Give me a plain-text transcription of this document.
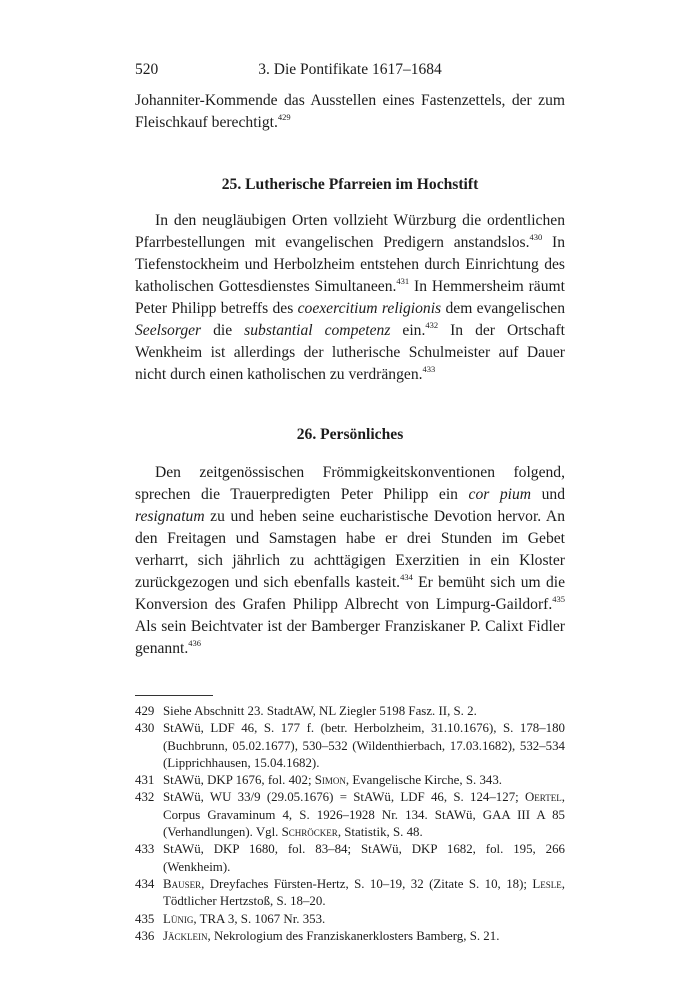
520	3. Die Pontifikate 1617–1684

Johanniter-Kommende das Ausstellen eines Fastenzettels, der zum Fleischkauf berechtigt.$^{429}$

25. Lutherische Pfarreien im Hochstift

In den neugläubigen Orten vollzieht Würzburg die ordentlichen Pfarrbestellungen mit evangelischen Predigern anstandslos.$^{430}$ In Tiefenstockheim und Herbolzheim entstehen durch Einrichtung des katholischen Gottesdienstes Simultaneen.$^{431}$ In Hemmersheim räumt Peter Philipp betreffs des coexercitium religionis dem evangelischen Seelsorger die substantial competenz ein.$^{432}$ In der Ortschaft Wenkheim ist allerdings der lutherische Schulmeister auf Dauer nicht durch einen katholischen zu verdrängen.$^{433}$

26. Persönliches

Den zeitgenössischen Frömmigkeitskonventionen folgend, sprechen die Trauerpredigten Peter Philipp ein cor pium und resignatum zu und heben seine eucharistische Devotion hervor. An den Freitagen und Samstagen habe er drei Stunden im Gebet verharrt, sich jährlich zu achttägigen Exerzitien in ein Kloster zurückgezogen und sich ebenfalls kasteit.$^{434}$ Er bemüht sich um die Konversion des Grafen Philipp Albrecht von Limpurg-Gaildorf.$^{435}$ Als sein Beichtvater ist der Bamberger Franziskaner P. Calixt Fidler genannt.$^{436}$

429 Siehe Abschnitt 23. StadtAW, NL Ziegler 5198 Fasz. II, S. 2.

430 StAWü, LDF 46, S. 177 f. (betr. Herbolzheim, 31.10.1676), S. 178–180 (Buchbrunn, 05.02.1677), 530–532 (Wildenthierbach, 17.03.1682), 532–534 (Lipprichhausen, 15.04.1682).

431 StAWü, DKP 1676, fol. 402; Simon, Evangelische Kirche, S. 343.

432 StAWü, WU 33/9 (29.05.1676) = StAWü, LDF 46, S. 124–127; Oertel, Corpus Gravaminum 4, S. 1926–1928 Nr. 134. StAWü, GAA III A 85 (Verhandlungen). Vgl. Schröcker, Statistik, S. 48.

433 StAWü, DKP 1680, fol. 83–84; StAWü, DKP 1682, fol. 195, 266 (Wenkheim).

434 Bauser, Dreyfaches Fürsten-Hertz, S. 10–19, 32 (Zitate S. 10, 18); Lesle, Tödtlicher Hertzstoß, S. 18–20.

435 Lünig, TRA 3, S. 1067 Nr. 353.

436 Jäcklein, Nekrologium des Franziskanerklosters Bamberg, S. 21.
